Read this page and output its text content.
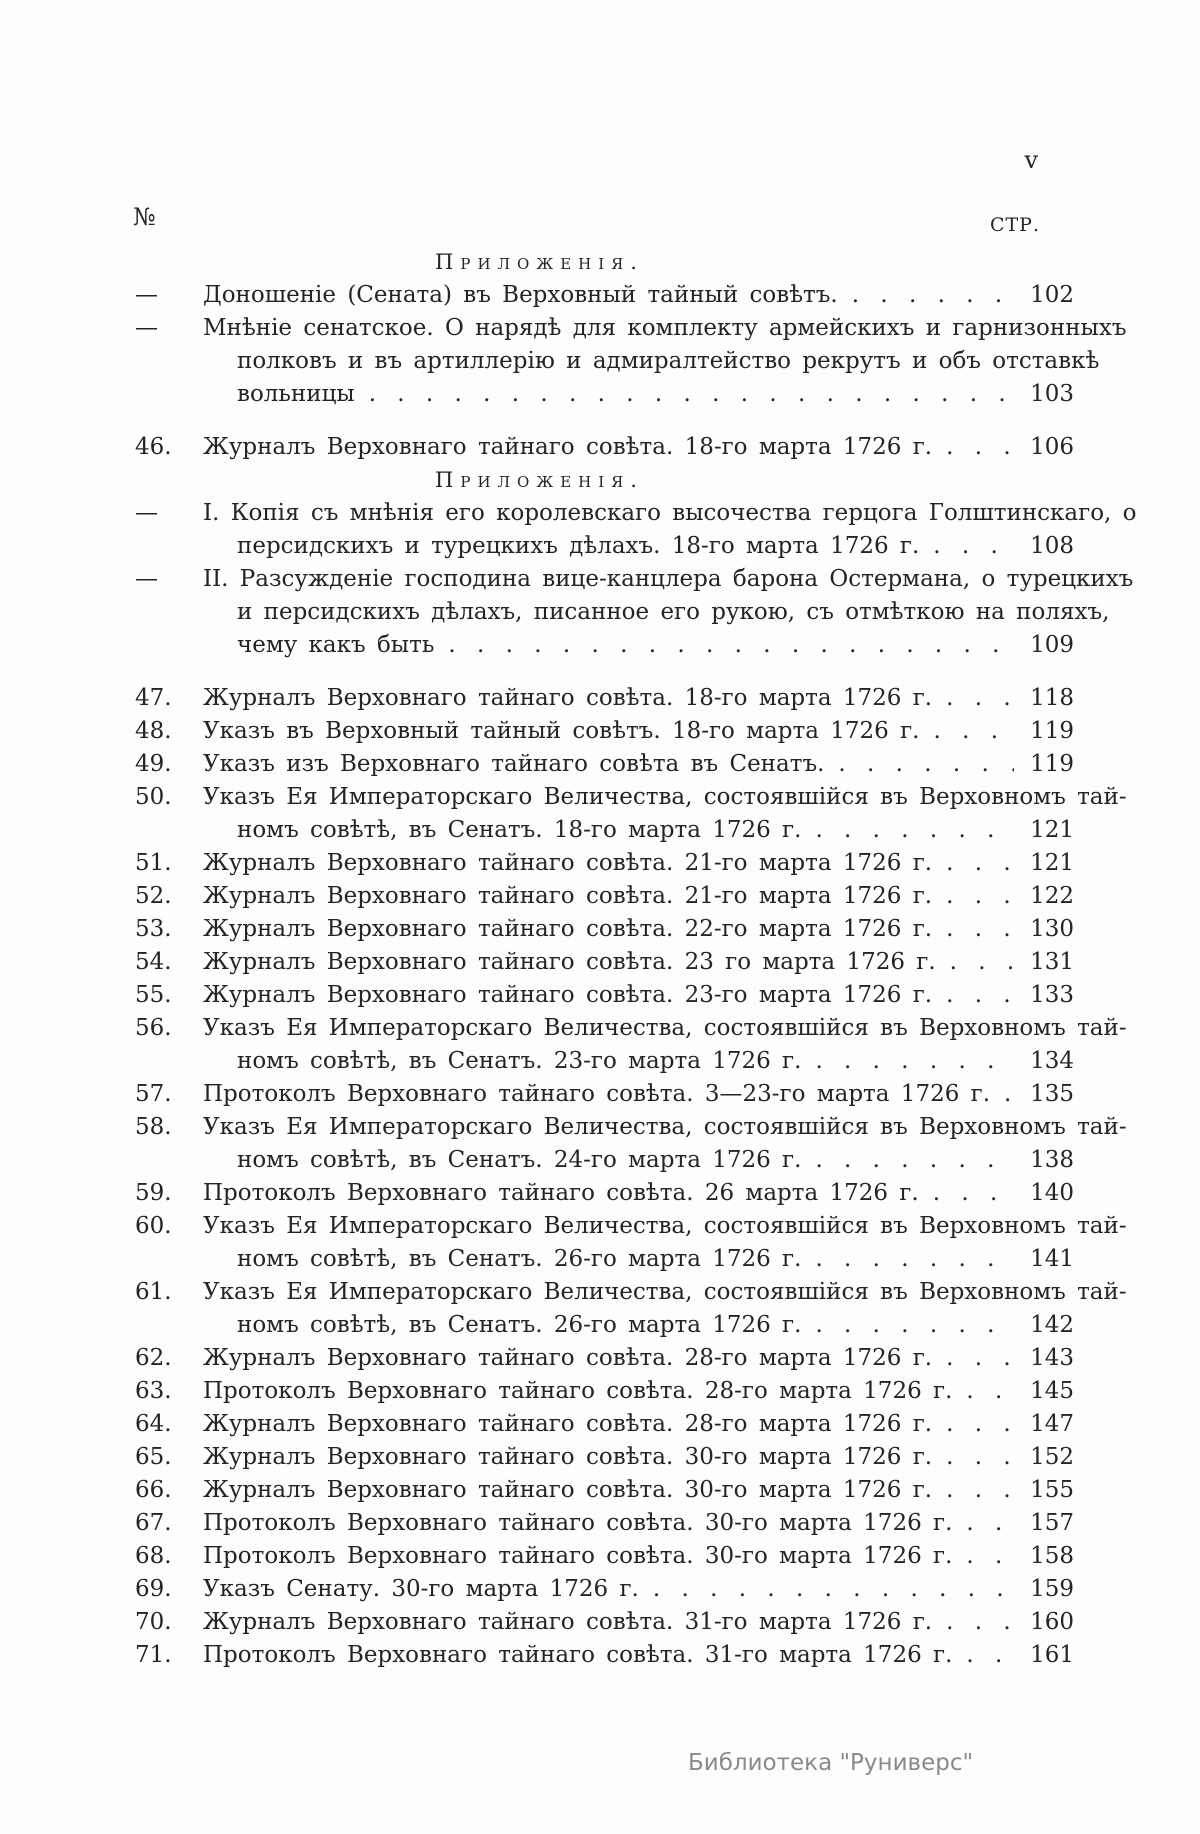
v
№	СТР.
Приложенія.
—	Доношеніе (Сената) въ Верховный тайный совѣтъ. . . .	102
—	Мнѣніе сенатское. О нарядѣ для комплекту армейскихъ и гарнизонныхъ
полковъ и въ артиллерію и адмиралтейство рекрутъ и объ отставкѣ
вольницы . . .	103
46.	Журналъ Верховнаго тайнаго совѣта. 18-го марта 1726 г. . . .	106
Приложенія.
—	I. Копія съ мнѣнія его королевскаго высочества герцога Голштинскаго, о
персидскихъ и турецкихъ дѣлахъ. 18-го марта 1726 г. . . .	108
—	II. Разсужденіе господина вице-канцлера барона Остермана, о турецкихъ
и персидскихъ дѣлахъ, писанное его рукою, съ отмѣткою на поляхъ,
чему какъ быть . . .	109
47.	Журналъ Верховнаго тайнаго совѣта. 18-го марта 1726 г. . . .	118
48.	Указъ въ Верховный тайный совѣтъ. 18-го марта 1726 г. . . .	119
49.	Указъ изъ Верховнаго тайнаго совѣта въ Сенатъ. . . .	119
50.	Указъ Ея Императорскаго Величества, состоявшійся въ Верховномъ тай-
номъ совѣтѣ, въ Сенатъ. 18-го марта 1726 г. . . .	121
51.	Журналъ Верховнаго тайнаго совѣта. 21-го марта 1726 г. . . .	121
52.	Журналъ Верховнаго тайнаго совѣта. 21-го марта 1726 г. . . .	122
53.	Журналъ Верховнаго тайнаго совѣта. 22-го марта 1726 г. . . .	130
54.	Журналъ Верховнаго тайнаго совѣта. 23 го марта 1726 г. . . .	131
55.	Журналъ Верховнаго тайнаго совѣта. 23-го марта 1726 г. . . .	133
56.	Указъ Ея Императорскаго Величества, состоявшійся въ Верховномъ тай-
номъ совѣтѣ, въ Сенатъ. 23-го марта 1726 г. . . .	134
57.	Протоколъ Верховнаго тайнаго совѣта. 3—23-го марта 1726 г. . . .	135
58.	Указъ Ея Императорскаго Величества, состоявшійся въ Верховномъ тай-
номъ совѣтѣ, въ Сенатъ. 24-го марта 1726 г. . . .	138
59.	Протоколъ Верховнаго тайнаго совѣта. 26 марта 1726 г. . . .	140
60.	Указъ Ея Императорскаго Величества, состоявшійся въ Верховномъ тай-
номъ совѣтѣ, въ Сенатъ. 26-го марта 1726 г. . . .	141
61.	Указъ Ея Императорскаго Величества, состоявшійся въ Верховномъ тай-
номъ совѣтѣ, въ Сенатъ. 26-го марта 1726 г. . . .	142
62.	Журналъ Верховнаго тайнаго совѣта. 28-го марта 1726 г. . . .	143
63.	Протоколъ Верховнаго тайнаго совѣта. 28-го марта 1726 г. . . .	145
64.	Журналъ Верховнаго тайнаго совѣта. 28-го марта 1726 г. . . .	147
65.	Журналъ Верховнаго тайнаго совѣта. 30-го марта 1726 г. . . .	152
66.	Журналъ Верховнаго тайнаго совѣта. 30-го марта 1726 г. . . .	155
67.	Протоколъ Верховнаго тайнаго совѣта. 30-го марта 1726 г. . . .	157
68.	Протоколъ Верховнаго тайнаго совѣта. 30-го марта 1726 г. . . .	158
69.	Указъ Сенату. 30-го марта 1726 г. . . .	159
70.	Журналъ Верховнаго тайнаго совѣта. 31-го марта 1726 г. . . .	160
71.	Протоколъ Верховнаго тайнаго совѣта. 31-го марта 1726 г. . . .	161
Библиотека "Руниверс"
